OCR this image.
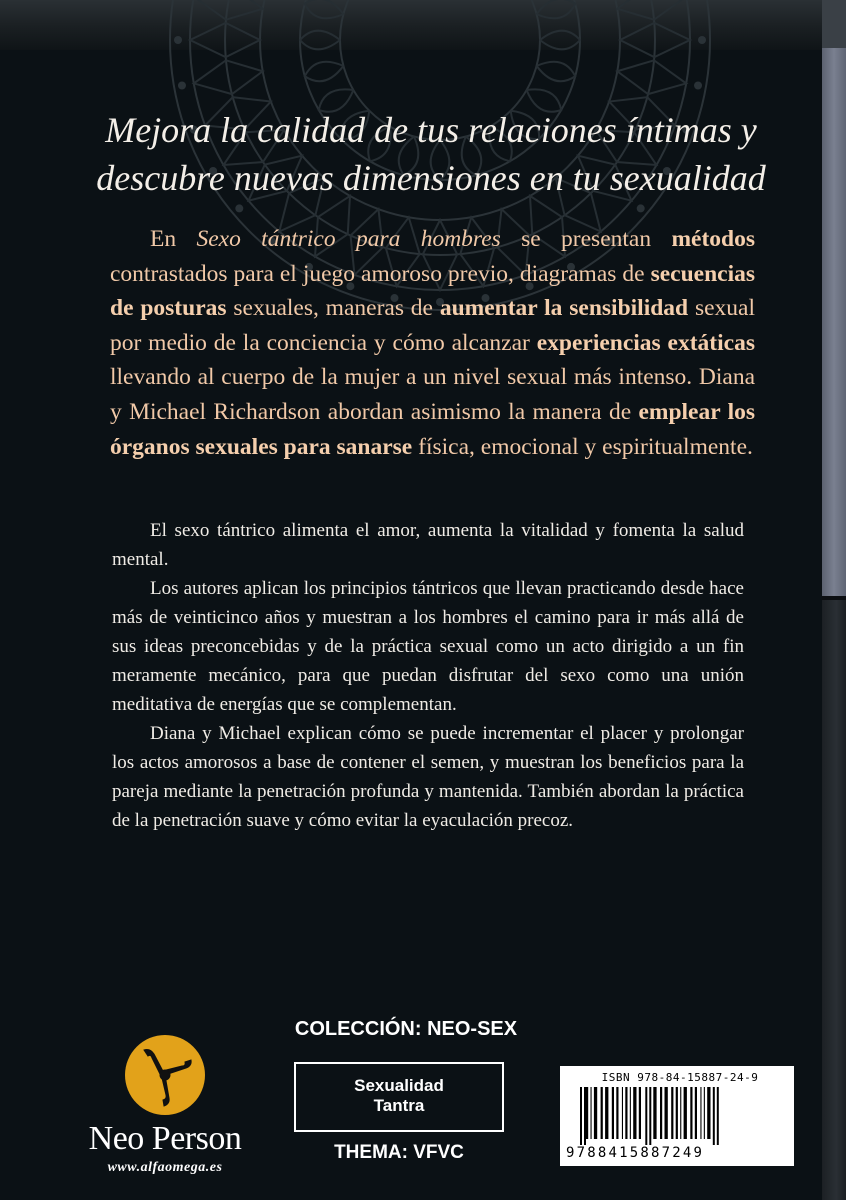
Mejora la calidad de tus relaciones íntimas y
descubre nuevas dimensiones en tu sexualidad
En Sexo tántrico para hombres se presentan métodos contrastados para el juego amoroso previo, diagramas de secuencias de posturas sexuales, maneras de aumentar la sensibilidad sexual por medio de la conciencia y cómo alcanzar experiencias extáticas llevando al cuerpo de la mujer a un nivel sexual más intenso. Diana y Michael Richardson abordan asimismo la manera de emplear los órganos sexuales para sanarse física, emocional y espiritualmente.

El sexo tántrico alimenta el amor, aumenta la vitalidad y fomenta la salud mental.

Los autores aplican los principios tántricos que llevan practicando desde hace más de veinticinco años y muestran a los hombres el camino para ir más allá de sus ideas preconcebidas y de la práctica sexual como un acto dirigido a un fin meramente mecánico, para que puedan disfrutar del sexo como una unión meditativa de energías que se complementan.

Diana y Michael explican cómo se puede incrementar el placer y prolongar los actos amorosos a base de contener el semen, y muestran los beneficios para la pareja mediante la penetración profunda y mantenida. También abordan la práctica de la penetración suave y cómo evitar la eyaculación precoz.

Neo Person
www.alfaomega.es
COLECCIÓN: NEO-SEX
Sexualidad
Tantra
THEMA: VFVC
ISBN 978-84-15887-24-9
9788415887249
